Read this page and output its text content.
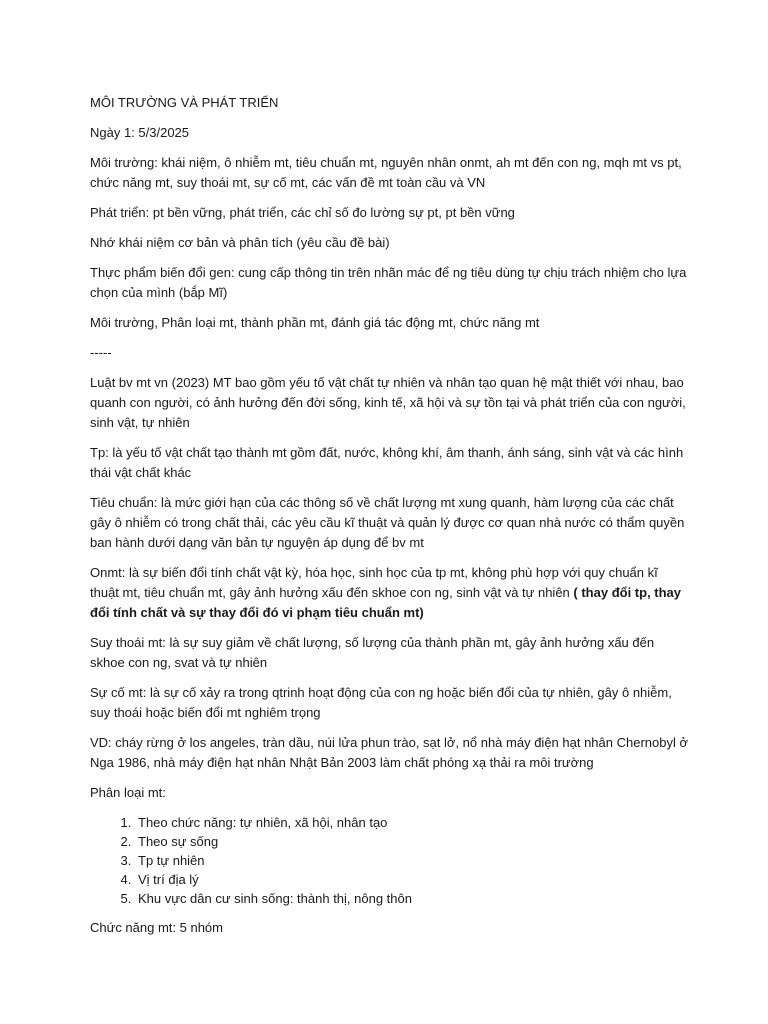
MÔI TRƯỜNG VÀ PHÁT TRIỂN

Ngày 1: 5/3/2025

Môi trường: khái niệm, ô nhiễm mt, tiêu chuẩn mt, nguyên nhân onmt, ah mt đến con ng, mqh mt vs pt, chức năng mt, suy thoái mt, sự cố mt, các vấn đề mt toàn cầu và VN

Phát triển: pt bền vững, phát triển, các chỉ số đo lường sự pt, pt bền vững

Nhớ khái niệm cơ bản và phân tích (yêu cầu đề bài)

Thực phẩm biến đổi gen: cung cấp thông tin trên nhãn mác để ng tiêu dùng tự chịu trách nhiệm cho lựa chọn của mình (bắp Mĩ)

Môi trường, Phân loại mt, thành phần mt, đánh giá tác động mt, chức năng mt

-----

Luật bv mt vn (2023) MT bao gồm yếu tố vật chất tự nhiên và nhân tạo quan hệ mật thiết với nhau, bao quanh con người, có ảnh hưởng đến đời sống, kinh tế, xã hội và sự tồn tại và phát triển của con người, sinh vật, tự nhiên

Tp: là yếu tố vật chất tạo thành mt gồm đất, nước, không khí, âm thanh, ánh sáng, sinh vật và các hình thái vật chất khác

Tiêu chuẩn: là mức giới hạn của các thông số về chất lượng mt xung quanh, hàm lượng của các chất gây ô nhiễm có trong chất thải, các yêu cầu kĩ thuật và quản lý được cơ quan nhà nước có thẩm quyền ban hành dưới dạng văn bản tự nguyện áp dụng để bv mt

Onmt: là sự biến đổi tính chất vật kỳ, hóa học, sinh học của tp mt, không phù hợp với quy chuẩn kĩ thuật mt, tiêu chuẩn mt, gây ảnh hưởng xấu đến skhoe con ng, sinh vật và tự nhiên ( thay đổi tp, thay đổi tính chất và sự thay đổi đó vi phạm tiêu chuẩn mt)

Suy thoái mt: là sự suy giảm về chất lượng, số lượng của thành phần mt, gây ảnh hưởng xấu đến skhoe con ng, svat và tự nhiên

Sự cố mt: là sự cố xảy ra trong qtrinh hoạt động của con ng hoặc biến đổi của tự nhiên, gây ô nhiễm, suy thoái hoặc biến đổi mt nghiêm trọng

VD: cháy rừng ở los angeles, tràn dầu, núi lửa phun trào, sạt lở, nổ nhà máy điện hạt nhân Chernobyl ở Nga 1986, nhà máy điện hạt nhân Nhật Bản 2003 làm chất phóng xạ thải ra môi trường

Phân loại mt:

1. Theo chức năng: tự nhiên, xã hội, nhân tạo
2. Theo sự sống
3. Tp tự nhiên
4. Vị trí địa lý
5. Khu vực dân cư sinh sống: thành thị, nông thôn

Chức năng mt: 5 nhóm
